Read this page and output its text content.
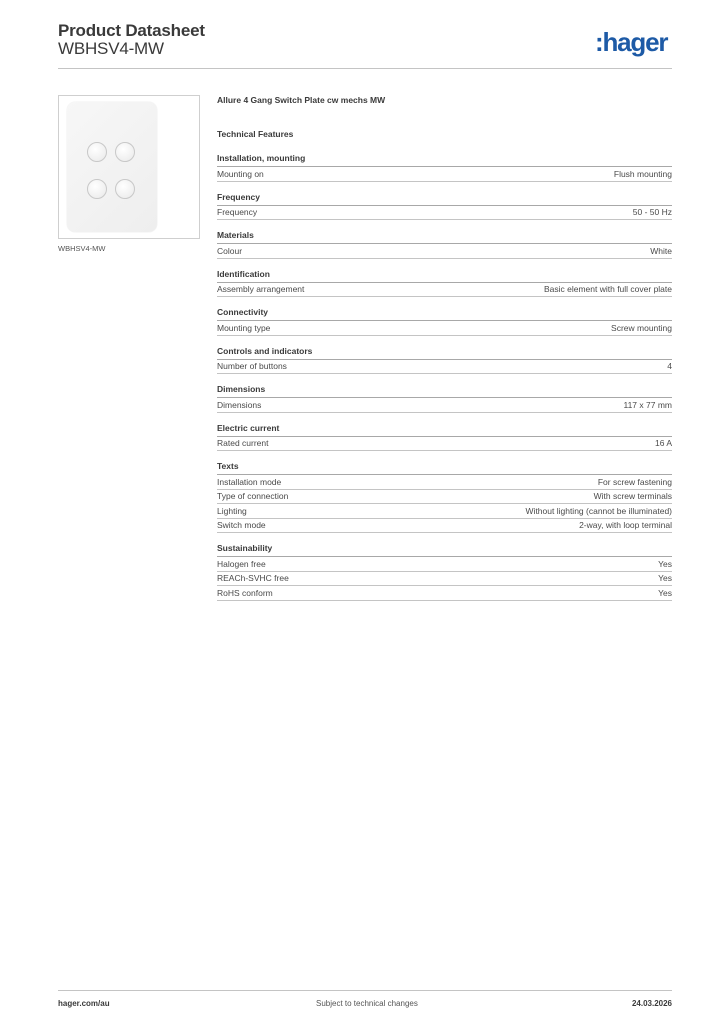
Product Datasheet
WBHSV4-MW	:hager
WBHSV4-MW
Allure 4 Gang Switch Plate cw mechs MW
Technical Features
Installation, mounting
Mounting on	Flush mounting
Frequency
Frequency	50 - 50 Hz
Materials
Colour	White
Identification
Assembly arrangement	Basic element with full cover plate
Connectivity
Mounting type	Screw mounting
Controls and indicators
Number of buttons	4
Dimensions
Dimensions	117 x 77 mm
Electric current
Rated current	16 A
Texts
Installation mode	For screw fastening
Type of connection	With screw terminals
Lighting	Without lighting (cannot be illuminated)
Switch mode	2-way, with loop terminal
Sustainability
Halogen free	Yes
REACh-SVHC free	Yes
RoHS conform	Yes
hager.com/au	Subject to technical changes	24.03.2026
